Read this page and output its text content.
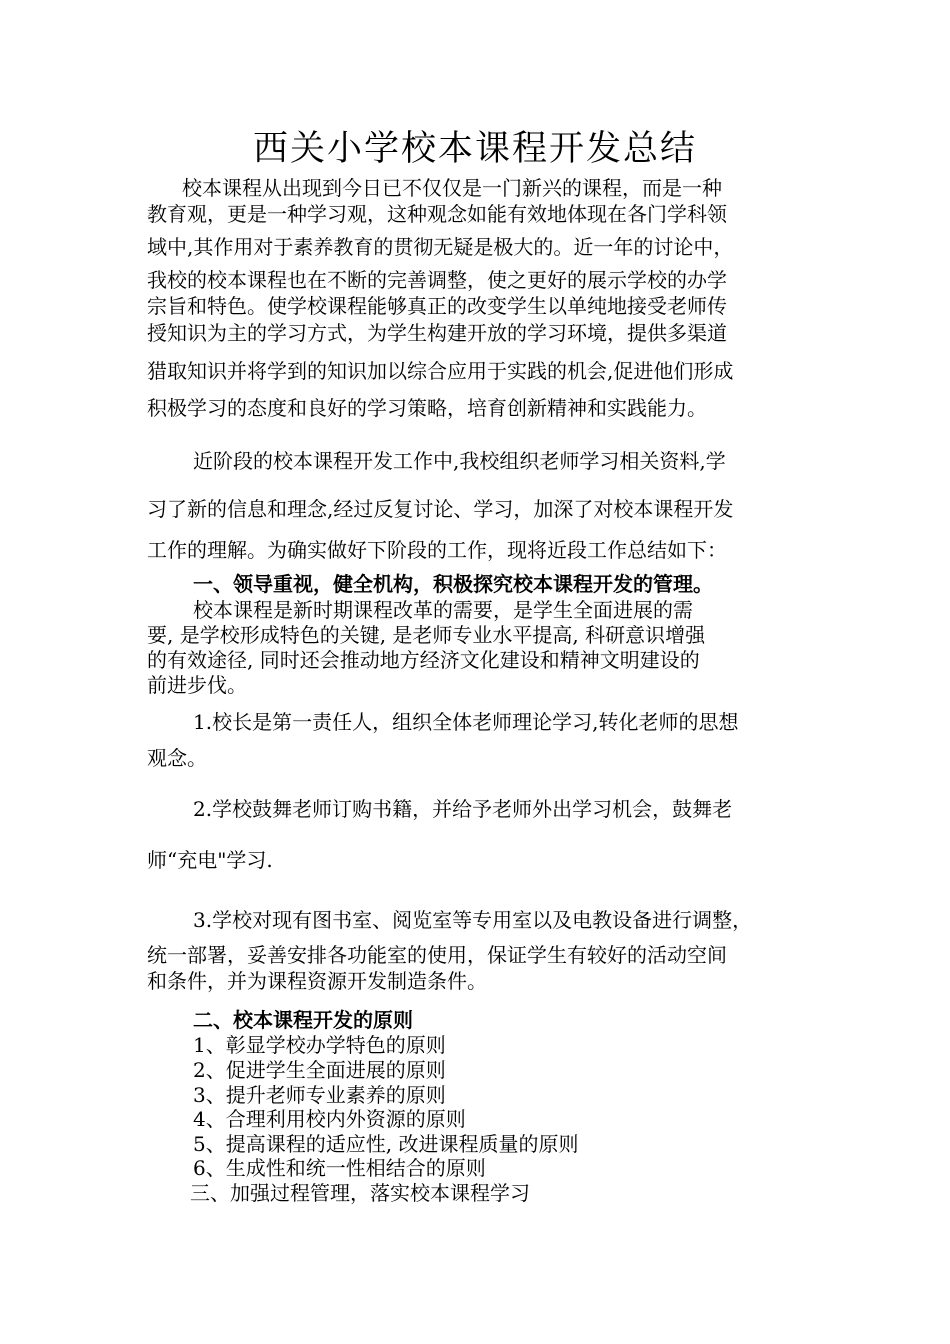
西关小学校本课程开发总结
校本课程从出现到今日已不仅仅是一门新兴的课程，而是一种
教育观，更是一种学习观，这种观念如能有效地体现在各门学科领
域中,其作用对于素养教育的贯彻无疑是极大的。近一年的讨论中，
我校的校本课程也在不断的完善调整，使之更好的展示学校的办学
宗旨和特色。使学校课程能够真正的改变学生以单纯地接受老师传
授知识为主的学习方式，为学生构建开放的学习环境，提供多渠道
猎取知识并将学到的知识加以综合应用于实践的机会,促进他们形成
积极学习的态度和良好的学习策略，培育创新精神和实践能力。
近阶段的校本课程开发工作中,我校组织老师学习相关资料,学
习了新的信息和理念,经过反复讨论、学习，加深了对校本课程开发
工作的理解。为确实做好下阶段的工作，现将近段工作总结如下：
一、领导重视，健全机构，积极探究校本课程开发的管理。
校本课程是新时期课程改革的需要，是学生全面进展的需
要, 是学校形成特色的关键, 是老师专业水平提高, 科研意识增强
的有效途径, 同时还会推动地方经济文化建设和精神文明建设的
前进步伐。
1.校长是第一责任人，组织全体老师理论学习,转化老师的思想
观念。
2.学校鼓舞老师订购书籍，并给予老师外出学习机会，鼓舞老
师“充电"学习.
3.学校对现有图书室、阅览室等专用室以及电教设备进行调整，
统一部署，妥善安排各功能室的使用，保证学生有较好的活动空间
和条件，并为课程资源开发制造条件。
二、校本课程开发的原则
1、彰显学校办学特色的原则
2、促进学生全面进展的原则
3、提升老师专业素养的原则
4、合理利用校内外资源的原则
5、提高课程的适应性, 改进课程质量的原则
6、生成性和统一性相结合的原则
三、加强过程管理，落实校本课程学习
